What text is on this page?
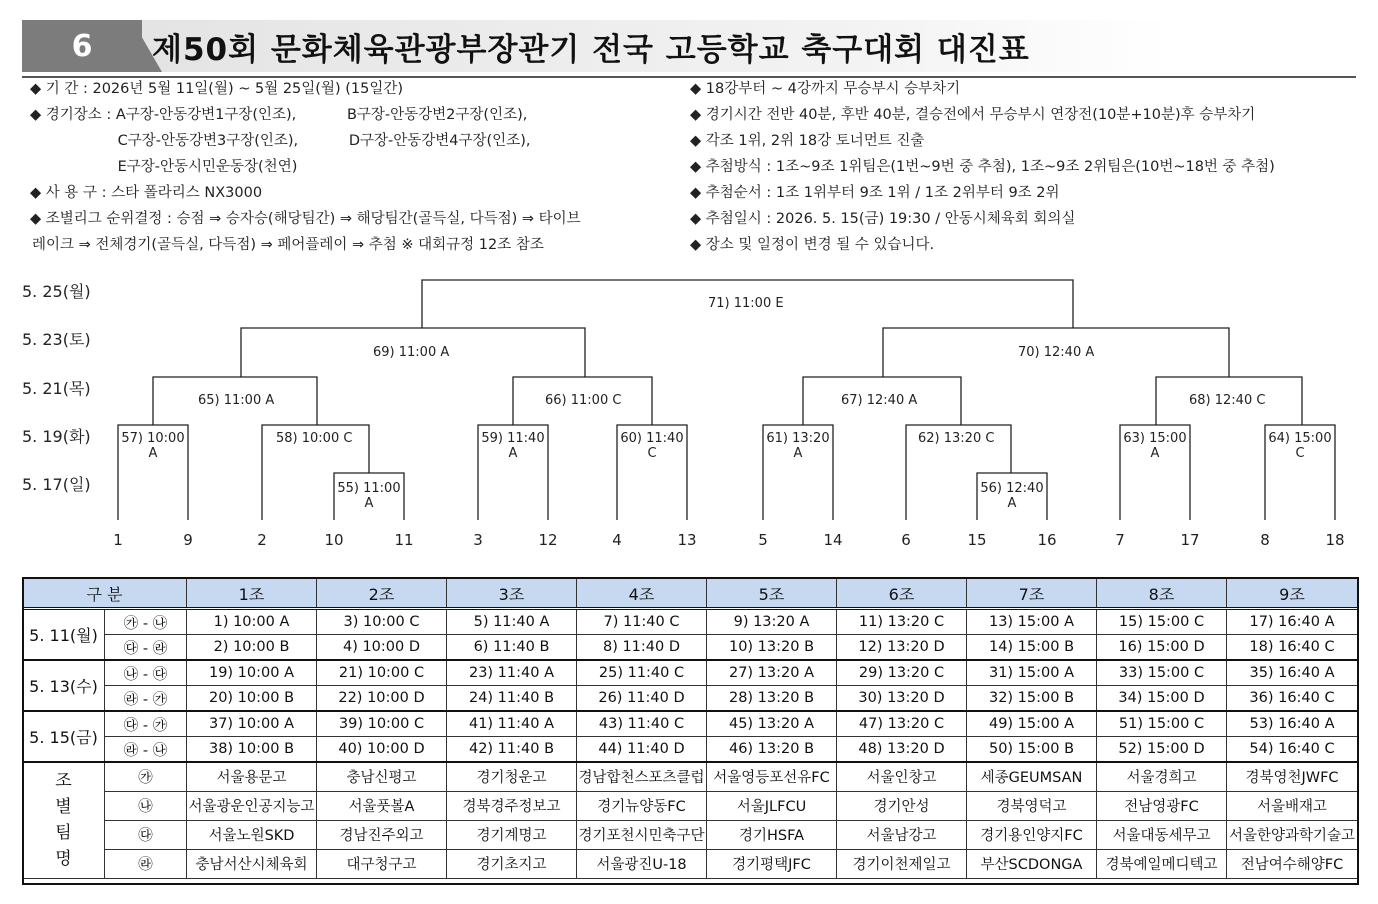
6	제50회 문화체육관광부장관기 전국 고등학교 축구대회 대진표
◆ 기 간 : 2026년 5월 11일(월) ~ 5월 25일(월) (15일간)
◆ 경기장소 : A구장-안동강변1구장(인조),           B구장-안동강변2구장(인조),
C구장-안동강변3구장(인조),           D구장-안동강변4구장(인조),
E구장-안동시민운동장(천연)
◆ 사 용 구 : 스타 폴라리스 NX3000
◆ 조별리그 순위결정 : 승점 ⇒ 승자승(해당팀간) ⇒ 해당팀간(골득실, 다득점) ⇒ 타이브
레이크 ⇒ 전체경기(골득실, 다득점) ⇒ 페어플레이 ⇒ 추첨 ※ 대회규정 12조 참조
◆ 18강부터 ~ 4강까지 무승부시 승부차기
◆ 경기시간 전반 40분, 후반 40분, 결승전에서 무승부시 연장전(10분+10분)후 승부차기
◆ 각조 1위, 2위 18강 토너먼트 진출
◆ 추첨방식 : 1조~9조 1위팀은(1번~9번 중 추첨), 1조~9조 2위팀은(10번~18번 중 추첨)
◆ 추첨순서 : 1조 1위부터 9조 1위 / 1조 2위부터 9조 2위
◆ 추첨일시 : 2026. 5. 15(금) 19:30 / 안동시체육회 회의실
◆ 장소 및 일정이 변경 될 수 있습니다.
5. 25(월)
5. 23(토)
5. 21(목)
5. 19(화)
5. 17(일)
71) 11:00 E
69) 11:00 A	70) 12:40 A
65) 11:00 A	66) 11:00 C	67) 12:40 A	68) 12:40 C
57) 10:00
A
58) 10:00 C	59) 11:40
A
60) 11:40
C
61) 13:20
A
62) 13:20 C	63) 15:00
A
64) 15:00
C
55) 11:00
A
56) 12:40
A
1	9	2	10	11	3	12	4	13	5	14	6	15	16	7	17	8	18
구 분		1조	2조	3조	4조	5조	6조	7조	8조	9조
5. 11(월)	㉮ - ㉯	1) 10:00 A	3) 10:00 C	5) 11:40 A	7) 11:40 C	9) 13:20 A	11) 13:20 C	13) 15:00 A	15) 15:00 C	17) 16:40 A
	㉰ - ㉱	2) 10:00 B	4) 10:00 D	6) 11:40 B	8) 11:40 D	10) 13:20 B	12) 13:20 D	14) 15:00 B	16) 15:00 D	18) 16:40 C
5. 13(수)	㉯ - ㉰	19) 10:00 A	21) 10:00 C	23) 11:40 A	25) 11:40 C	27) 13:20 A	29) 13:20 C	31) 15:00 A	33) 15:00 C	35) 16:40 A
	㉱ - ㉮	20) 10:00 B	22) 10:00 D	24) 11:40 B	26) 11:40 D	28) 13:20 B	30) 13:20 D	32) 15:00 B	34) 15:00 D	36) 16:40 C
5. 15(금)	㉰ - ㉮	37) 10:00 A	39) 10:00 C	41) 11:40 A	43) 11:40 C	45) 13:20 A	47) 13:20 C	49) 15:00 A	51) 15:00 C	53) 16:40 A
	㉱ - ㉯	38) 10:00 B	40) 10:00 D	42) 11:40 B	44) 11:40 D	46) 13:20 B	48) 13:20 D	50) 15:00 B	52) 15:00 D	54) 16:40 C

조
별
팀
명	㉮	서울용문고	충남신평고	경기청운고	경남합천스포츠클럽	서울영등포선유FC	서울인창고	세종GEUMSAN	서울경희고	경북영천JWFC
	㉯	서울광운인공지능고	서울풋볼A	경북경주정보고	경기뉴양동FC	서울JLFCU	경기안성	경북영덕고	전남영광FC	서울배재고
	㉰	서울노원SKD	경남진주외고	경기계명고	경기포천시민축구단	경기HSFA	서울남강고	경기용인양지FC	서울대동세무고	서울한양과학기술고
	㉱	충남서산시체육회	대구청구고	경기초지고	서울광진U-18	경기평택JFC	경기이천제일고	부산SCDONGA	경북예일메디텍고	전남여수해양FC
